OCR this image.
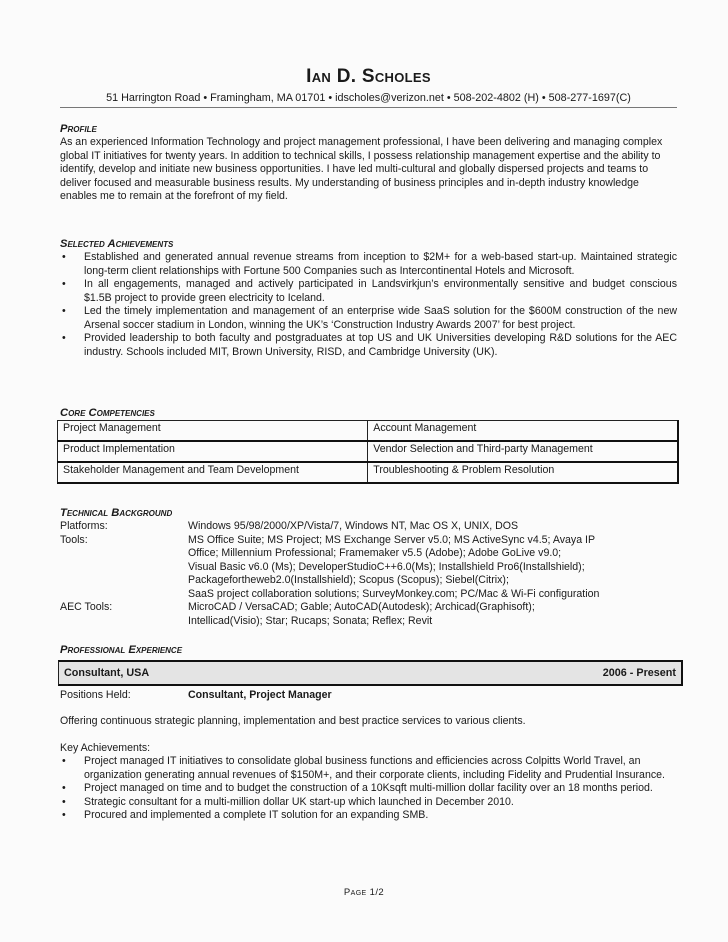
Ian D. Scholes
51 Harrington Road • Framingham, MA 01701 • idscholes@verizon.net • 508-202-4802 (H) • 508-277-1697(C)
Profile

As an experienced Information Technology and project management professional, I have been delivering and managing complex global IT initiatives for twenty years. In addition to technical skills, I possess relationship management expertise and the ability to identify, develop and initiate new business opportunities. I have led multi-cultural and globally dispersed projects and teams to deliver focused and measurable business results. My understanding of business principles and in-depth industry knowledge enables me to remain at the forefront of my field.

Selected Achievements
• Established and generated annual revenue streams from inception to $2M+ for a web-based start-up. Maintained strategic long-term client relationships with Fortune 500 Companies such as Intercontinental Hotels and Microsoft.
• In all engagements, managed and actively participated in Landsvirkjun’s environmentally sensitive and budget conscious $1.5B project to provide green electricity to Iceland.
• Led the timely implementation and management of an enterprise wide SaaS solution for the $600M construction of the new Arsenal soccer stadium in London, winning the UK’s ‘Construction Industry Awards 2007’ for best project.
• Provided leadership to both faculty and postgraduates at top US and UK Universities developing R&D solutions for the AEC industry. Schools included MIT, Brown University, RISD, and Cambridge University (UK).
Core Competencies
Project Management	Account Management
Product Implementation	Vendor Selection and Third-party Management
Stakeholder Management and Team Development	Troubleshooting & Problem Resolution
Technical Background
Platforms:	Windows 95/98/2000/XP/Vista/7, Windows NT, Mac OS X, UNIX, DOS
Tools:	MS Office Suite; MS Project; MS Exchange Server v5.0; MS ActiveSync v4.5; Avaya IP
Office; Millennium Professional; Framemaker v5.5 (Adobe); Adobe GoLive v9.0;
Visual Basic v6.0 (Ms); DeveloperStudioC++6.0(Ms); Installshield Pro6(Installshield);
Packagefortheweb2.0(Installshield); Scopus (Scopus); Siebel(Citrix);
SaaS project collaboration solutions; SurveyMonkey.com; PC/Mac & Wi-Fi configuration
AEC Tools:	MicroCAD / VersaCAD; Gable; AutoCAD(Autodesk); Archicad(Graphisoft);
Intellicad(Visio); Star; Rucaps; Sonata; Reflex; Revit
Professional Experience
Consultant, USA	2006 - Present
Positions Held:	Consultant, Project Manager

Offering continuous strategic planning, implementation and best practice services to various clients.

Key Achievements:

• Project managed IT initiatives to consolidate global business functions and efficiencies across Colpitts World Travel, an organization generating annual revenues of $150M+, and their corporate clients, including Fidelity and Prudential Insurance.
• Project managed on time and to budget the construction of a 10Ksqft multi-million dollar facility over an 18 months period.
• Strategic consultant for a multi-million dollar UK start-up which launched in December 2010.
• Procured and implemented a complete IT solution for an expanding SMB.
Page 1/2
